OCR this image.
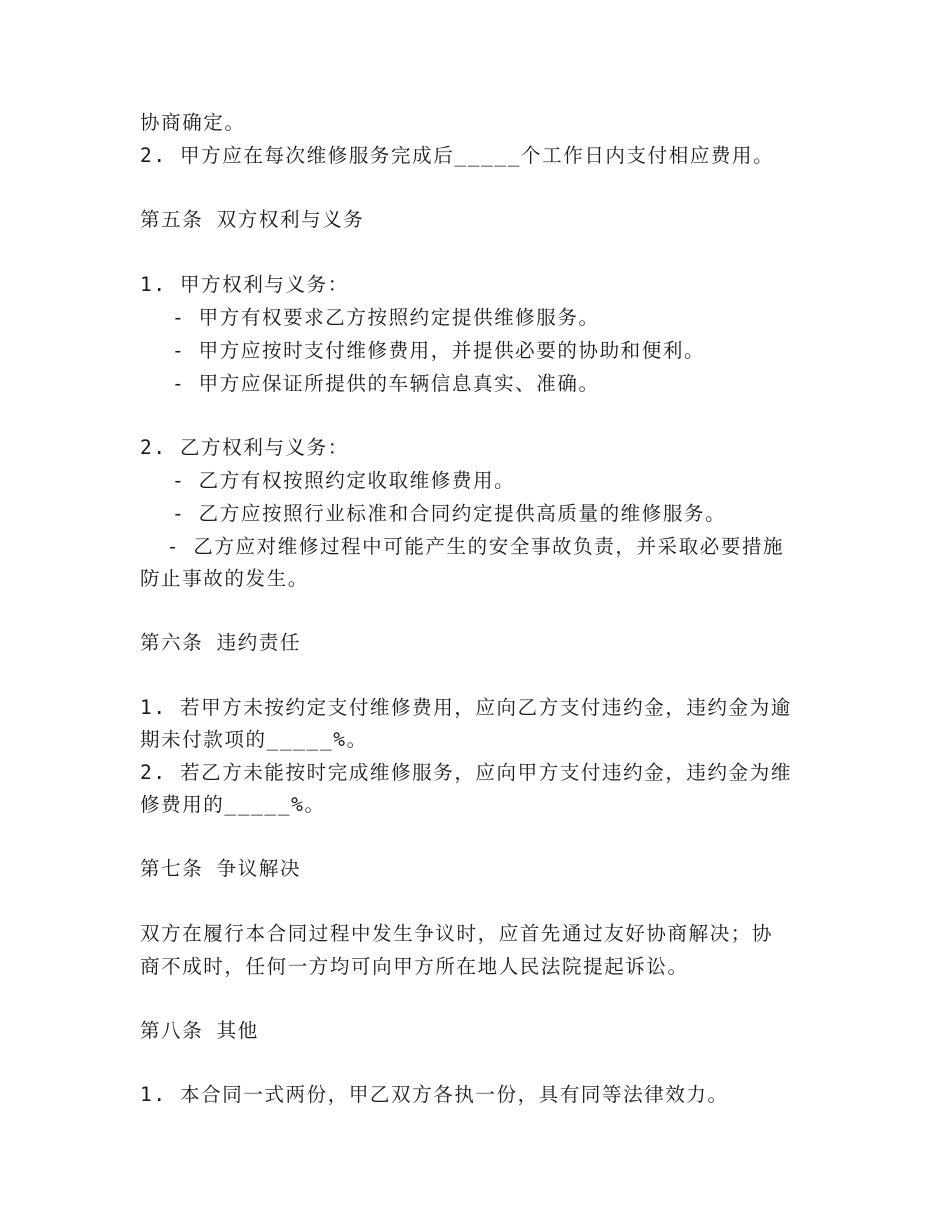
协商确定。
2. 甲方应在每次维修服务完成后_____个工作日内支付相应费用。
第五条 双方权利与义务
1. 甲方权利与义务：
- 甲方有权要求乙方按照约定提供维修服务。
- 甲方应按时支付维修费用，并提供必要的协助和便利。
- 甲方应保证所提供的车辆信息真实、准确。
2. 乙方权利与义务：
- 乙方有权按照约定收取维修费用。
- 乙方应按照行业标准和合同约定提供高质量的维修服务。
- 乙方应对维修过程中可能产生的安全事故负责，并采取必要措施
防止事故的发生。
第六条 违约责任
1. 若甲方未按约定支付维修费用，应向乙方支付违约金，违约金为逾
期未付款项的_____%。
2. 若乙方未能按时完成维修服务，应向甲方支付违约金，违约金为维
修费用的_____%。
第七条 争议解决
双方在履行本合同过程中发生争议时，应首先通过友好协商解决；协
商不成时，任何一方均可向甲方所在地人民法院提起诉讼。
第八条 其他
1. 本合同一式两份，甲乙双方各执一份，具有同等法律效力。
